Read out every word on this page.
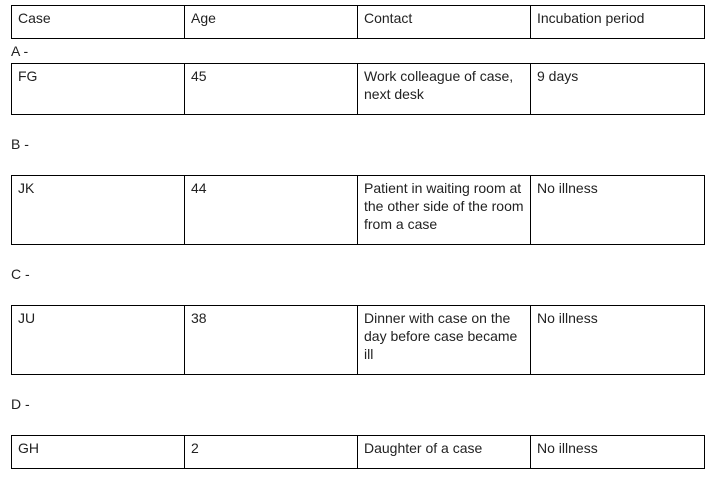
Case	Age	Contact	Incubation period
A -
FG	45	Work colleague of case, next desk	9 days
B -
JK	44	Patient in waiting room at the other side of the room from a case	No illness
C -
JU	38	Dinner with case on the day before case became ill	No illness
D -
GH	2	Daughter of a case	No illness
